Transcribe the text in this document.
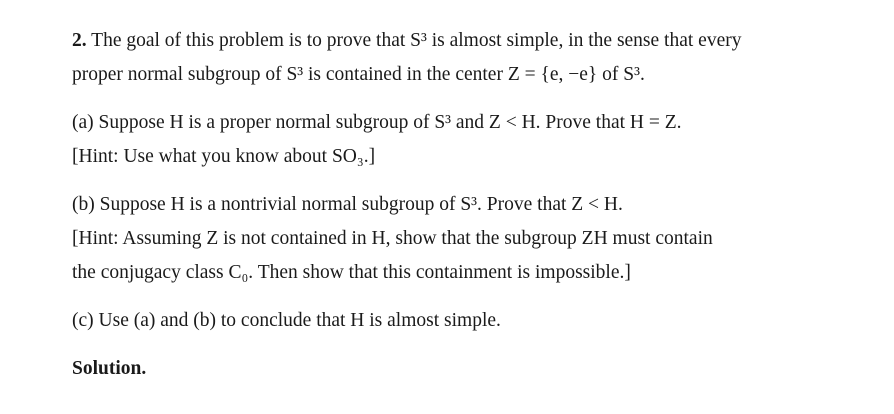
2. The goal of this problem is to prove that S³ is almost simple, in the sense that every
proper normal subgroup of S³ is contained in the center Z = {e, −e} of S³.
(a) Suppose H is a proper normal subgroup of S³ and Z < H. Prove that H = Z.
[Hint: Use what you know about SO₃.]
(b) Suppose H is a nontrivial normal subgroup of S³. Prove that Z < H.
[Hint: Assuming Z is not contained in H, show that the subgroup ZH must contain
the conjugacy class C₀. Then show that this containment is impossible.]
(c) Use (a) and (b) to conclude that H is almost simple.
Solution.
